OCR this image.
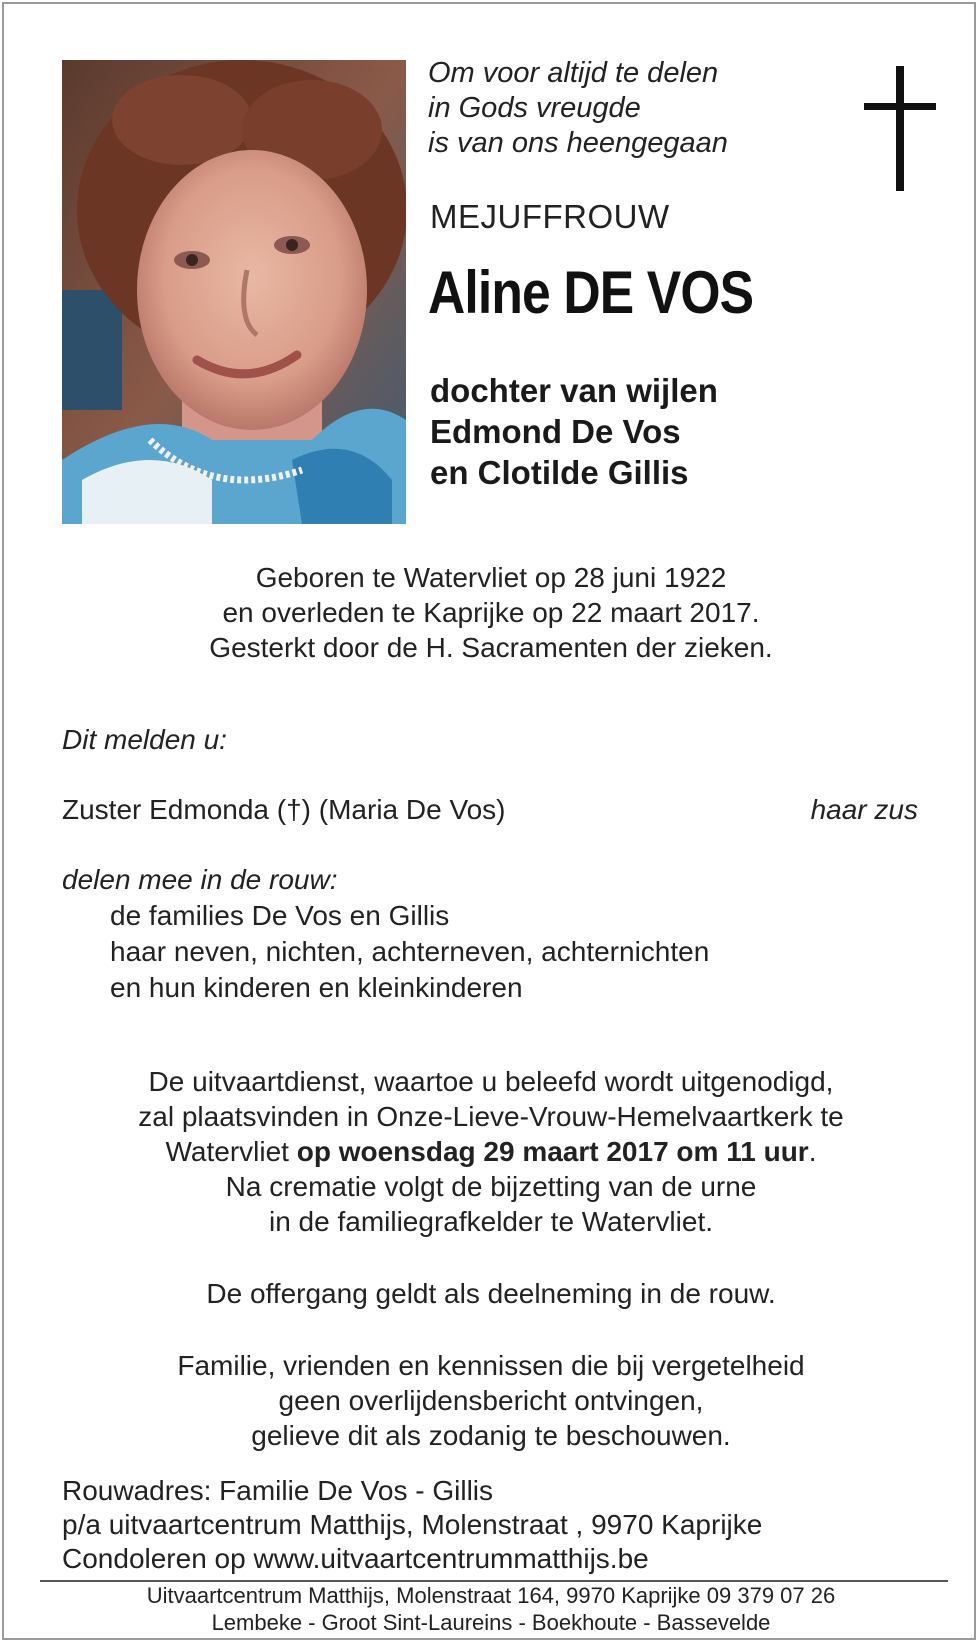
Om voor altijd te delen
in Gods vreugde
is van ons heengegaan
MEJUFFROUW
Aline DE VOS
dochter van wijlen
Edmond De Vos
en Clotilde Gillis
Geboren te Watervliet op 28 juni 1922
en overleden te Kaprijke op 22 maart 2017.
Gesterkt door de H. Sacramenten der zieken.
Dit melden u:
Zuster Edmonda (†) (Maria De Vos)	haar zus
delen mee in de rouw:
de families De Vos en Gillis
haar neven, nichten, achterneven, achternichten
en hun kinderen en kleinkinderen
De uitvaartdienst, waartoe u beleefd wordt uitgenodigd,
zal plaatsvinden in Onze-Lieve-Vrouw-Hemelvaartkerk te
Watervliet op woensdag 29 maart 2017 om 11 uur.
Na crematie volgt de bijzetting van de urne
in de familiegrafkelder te Watervliet.
De offergang geldt als deelneming in de rouw.
Familie, vrienden en kennissen die bij vergetelheid
geen overlijdensbericht ontvingen,
gelieve dit als zodanig te beschouwen.
Rouwadres: Familie De Vos - Gillis
p/a uitvaartcentrum Matthijs, Molenstraat , 9970 Kaprijke
Condoleren op www.uitvaartcentrummatthijs.be
Uitvaartcentrum Matthijs, Molenstraat 164, 9970 Kaprijke 09 379 07 26
Lembeke - Groot Sint-Laureins - Boekhoute - Bassevelde
